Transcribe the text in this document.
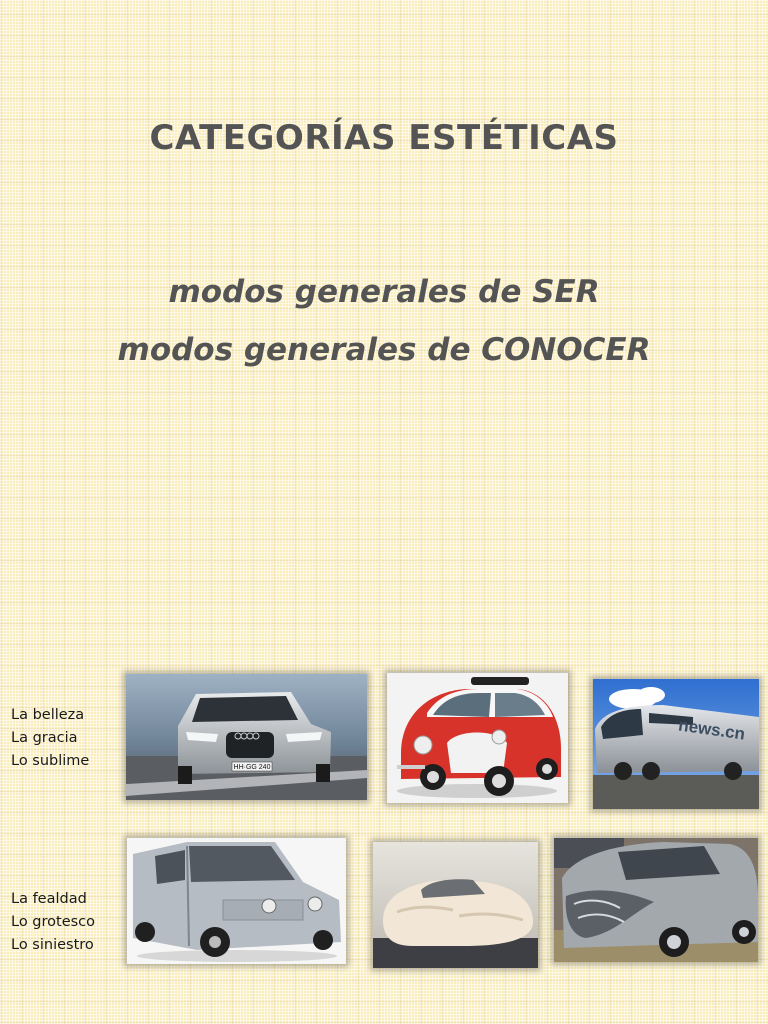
CATEGORÍAS ESTÉTICAS
modos generales de SER
modos generales de CONOCER
La belleza
La gracia
Lo sublime
La fealdad
Lo grotesco
Lo siniestro
HH·GG 240
news.cn
